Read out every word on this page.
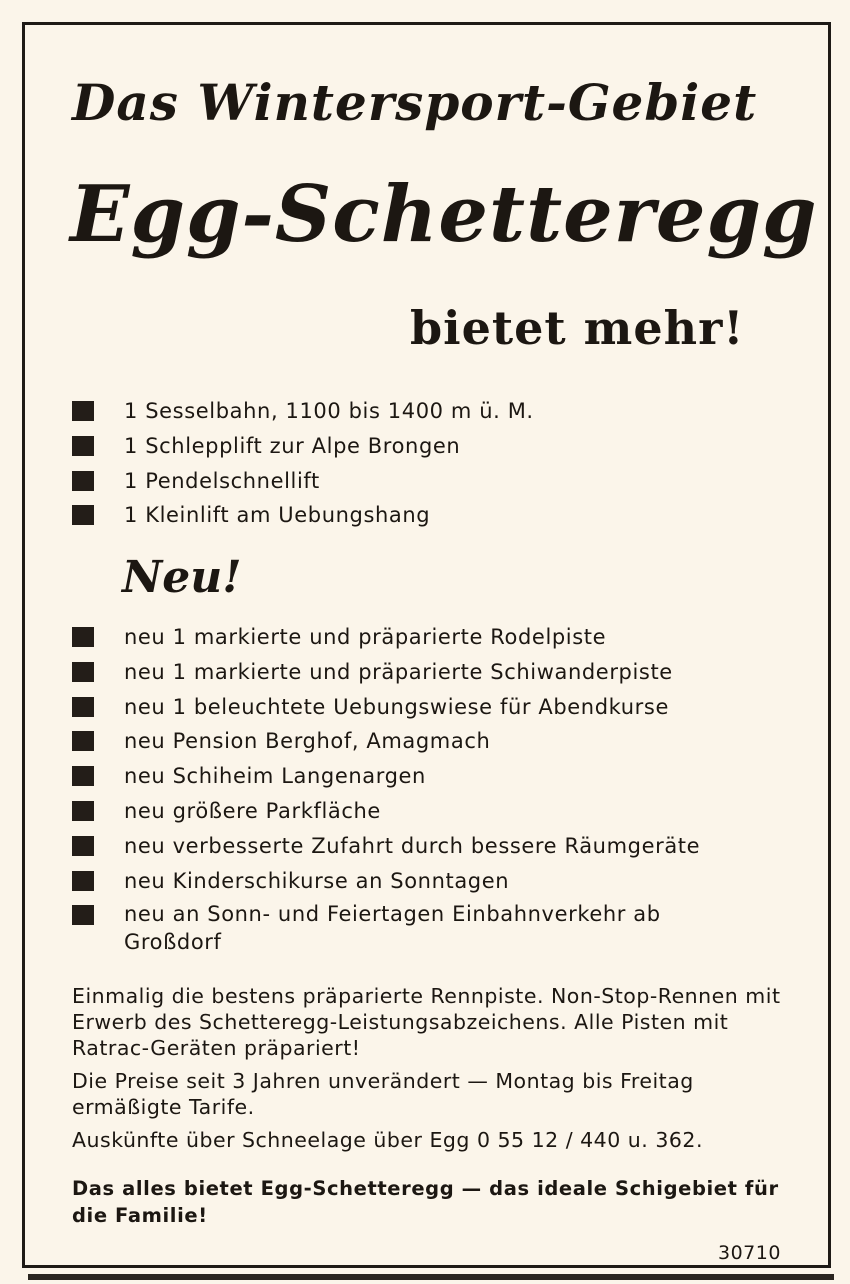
Das Wintersport-Gebiet
Egg-Schetteregg
bietet mehr!
1 Sesselbahn, 1100 bis 1400 m ü. M.
1 Schlepplift zur Alpe Brongen
1 Pendelschnellift
1 Kleinlift am Uebungshang
Neu!
neu 1 markierte und präparierte Rodelpiste
neu 1 markierte und präparierte Schiwanderpiste
neu 1 beleuchtete Uebungswiese für Abendkurse
neu Pension Berghof, Amagmach
neu Schiheim Langenargen
neu größere Parkfläche
neu verbesserte Zufahrt durch bessere Räumgeräte
neu Kinderschikurse an Sonntagen
neu an Sonn- und Feiertagen Einbahnverkehr ab Großdorf

Einmalig die bestens präparierte Rennpiste. Non-Stop-Rennen mit Erwerb des Schetteregg-Leistungsabzeichens. Alle Pisten mit Ratrac-Geräten präpariert!

Die Preise seit 3 Jahren unverändert — Montag bis Freitag ermäßigte Tarife.

Auskünfte über Schneelage über Egg 0 55 12 / 440 u. 362.

Das alles bietet Egg-Schetteregg — das ideale Schigebiet für die Familie!

30710
